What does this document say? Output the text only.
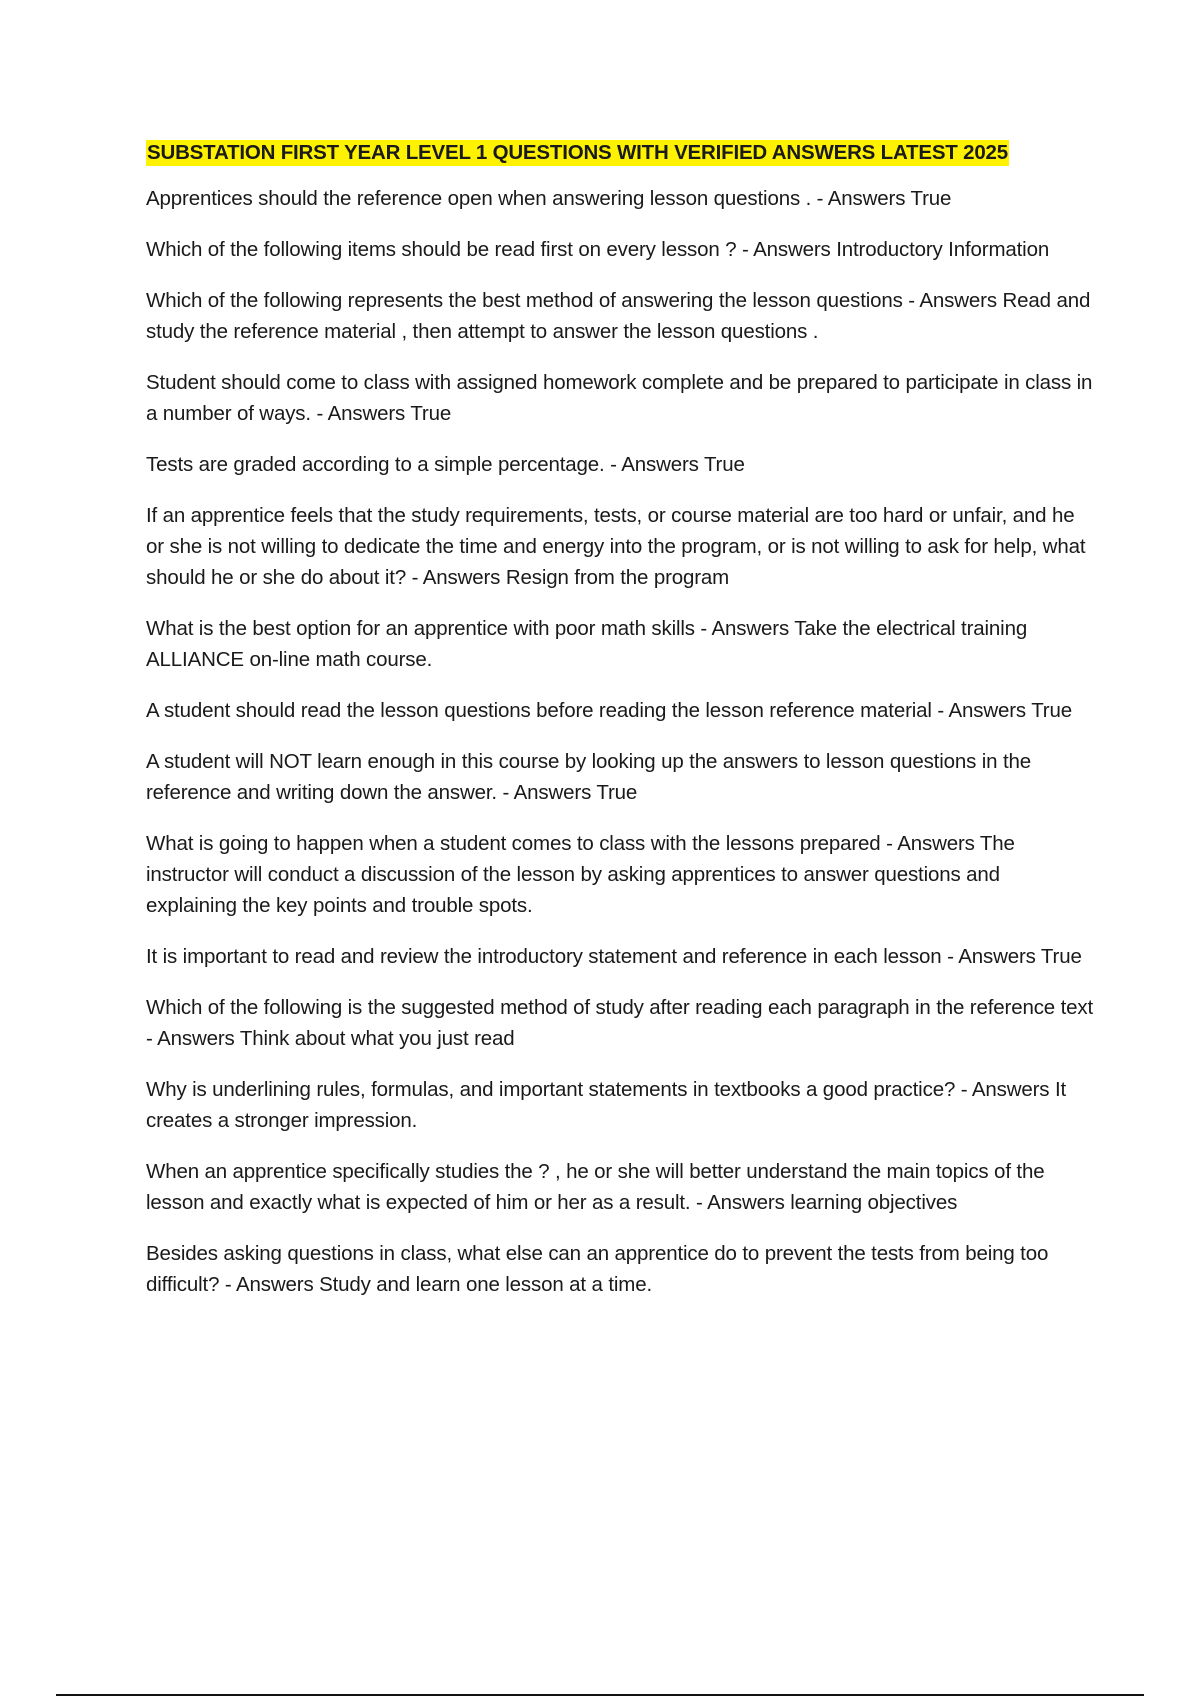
SUBSTATION FIRST YEAR LEVEL 1 QUESTIONS WITH VERIFIED ANSWERS LATEST 2025
Apprentices should the reference open when answering lesson questions . - Answers True
Which of the following items should be read first on every lesson ? - Answers Introductory Information
Which of the following represents the best method of answering the lesson questions - Answers Read and study the reference material , then attempt to answer the lesson questions .
Student should come to class with assigned homework complete and be prepared to participate in class in a number of ways. - Answers True
Tests are graded according to a simple percentage. - Answers True
If an apprentice feels that the study requirements, tests, or course material are too hard or unfair, and he or she is not willing to dedicate the time and energy into the program, or is not willing to ask for help, what should he or she do about it? - Answers Resign from the program
What is the best option for an apprentice with poor math skills - Answers Take the electrical training ALLIANCE on-line math course.
A student should read the lesson questions before reading the lesson reference material - Answers True
A student will NOT learn enough in this course by looking up the answers to lesson questions in the reference and writing down the answer. - Answers True
What is going to happen when a student comes to class with the lessons prepared - Answers The instructor will conduct a discussion of the lesson by asking apprentices to answer questions and explaining the key points and trouble spots.
It is important to read and review the introductory statement and reference in each lesson - Answers True
Which of the following is the suggested method of study after reading each paragraph in the reference text- Answers Think about what you just read
Why is underlining rules, formulas, and important statements in textbooks a good practice? - Answers It creates a stronger impression.
When an apprentice specifically studies the ? , he or she will better understand the main topics of the lesson and exactly what is expected of him or her as a result. - Answers learning objectives
Besides asking questions in class, what else can an apprentice do to prevent the tests from being too difficult? - Answers Study and learn one lesson at a time.
